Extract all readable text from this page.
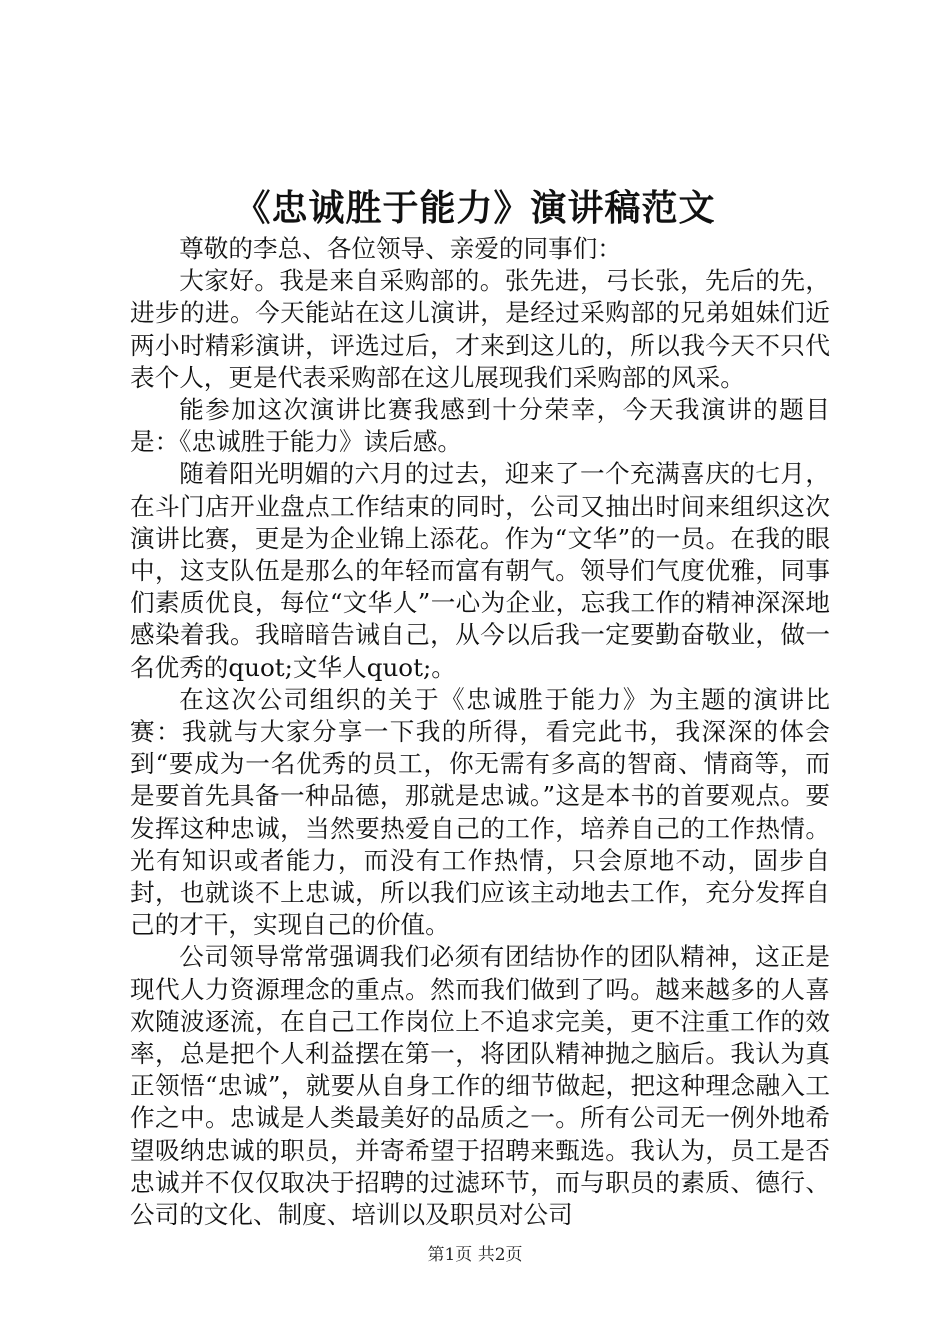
《忠诚胜于能力》演讲稿范文

尊敬的李总、各位领导、亲爱的同事们：

大家好。我是来自采购部的。张先进，弓长张，先后的先，进步的进。今天能站在这儿演讲，是经过采购部的兄弟姐妹们近两小时精彩演讲，评选过后，才来到这儿的，所以我今天不只代表个人，更是代表采购部在这儿展现我们采购部的风采。

能参加这次演讲比赛我感到十分荣幸，今天我演讲的题目是：《忠诚胜于能力》读后感。

随着阳光明媚的六月的过去，迎来了一个充满喜庆的七月，在斗门店开业盘点工作结束的同时，公司又抽出时间来组织这次演讲比赛，更是为企业锦上添花。作为“文华”的一员。在我的眼中，这支队伍是那么的年轻而富有朝气。领导们气度优雅，同事们素质优良，每位“文华人”一心为企业，忘我工作的精神深深地感染着我。我暗暗告诫自己，从今以后我一定要勤奋敬业，做一名优秀的quot;文华人quot;。

在这次公司组织的关于《忠诚胜于能力》为主题的演讲比赛：我就与大家分享一下我的所得，看完此书，我深深的体会到“要成为一名优秀的员工，你无需有多高的智商、情商等，而是要首先具备一种品德，那就是忠诚。”这是本书的首要观点。要发挥这种忠诚，当然要热爱自己的工作，培养自己的工作热情。光有知识或者能力，而没有工作热情，只会原地不动，固步自封，也就谈不上忠诚，所以我们应该主动地去工作，充分发挥自己的才干，实现自己的价值。

公司领导常常强调我们必须有团结协作的团队精神，这正是现代人力资源理念的重点。然而我们做到了吗。越来越多的人喜欢随波逐流，在自己工作岗位上不追求完美，更不注重工作的效率，总是把个人利益摆在第一，将团队精神抛之脑后。我认为真正领悟“忠诚”，就要从自身工作的细节做起，把这种理念融入工作之中。忠诚是人类最美好的品质之一。所有公司无一例外地希望吸纳忠诚的职员，并寄希望于招聘来甄选。我认为，员工是否忠诚并不仅仅取决于招聘的过滤环节，而与职员的素质、德行、公司的文化、制度、培训以及职员对公司

第1页 共2页
